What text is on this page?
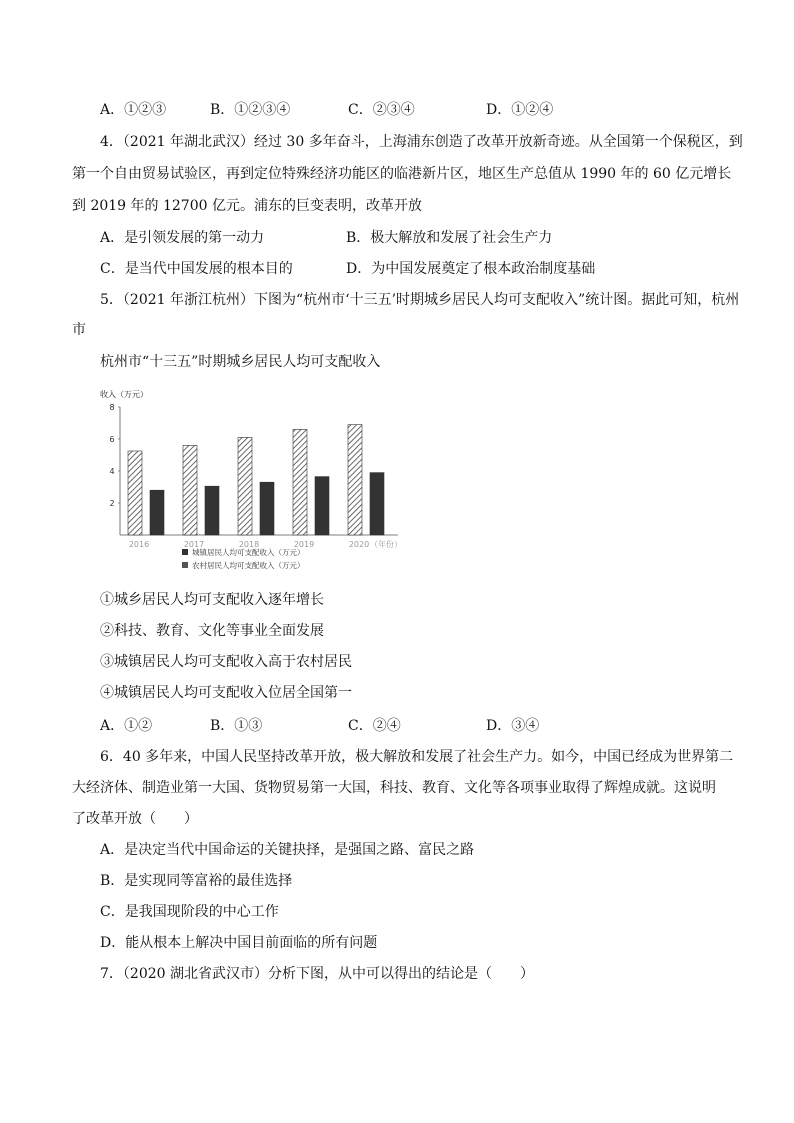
A．①②③	B．①②③④	C．②③④	D．①②④
4．（2021 年湖北武汉）经过 30 多年奋斗，上海浦东创造了改革开放新奇迹。从全国第一个保税区，到
第一个自由贸易试验区，再到定位特殊经济功能区的临港新片区，地区生产总值从 1990 年的 60 亿元增长
到 2019 年的 12700 亿元。浦东的巨变表明，改革开放
A．是引领发展的第一动力	B．极大解放和发展了社会生产力
C．是当代中国发展的根本目的	D．为中国发展奠定了根本政治制度基础
5．（2021 年浙江杭州）下图为“杭州市‘十三五’时期城乡居民人均可支配收入”统计图。据此可知，杭州
市
杭州市“十三五”时期城乡居民人均可支配收入
收入（万元）
2
4
6
8
2016	2017	2018	2019	2020 （年份）
城镇居民人均可支配收入（万元）
农村居民人均可支配收入（万元）
①城乡居民人均可支配收入逐年增长
②科技、教育、文化等事业全面发展
③城镇居民人均可支配收入高于农村居民
④城镇居民人均可支配收入位居全国第一
A．①②	B．①③	C．②④	D．③④
6．40 多年来，中国人民坚持改革开放，极大解放和发展了社会生产力。如今，中国已经成为世界第二
大经济体、制造业第一大国、货物贸易第一大国，科技、教育、文化等各项事业取得了辉煌成就。这说明
了改革开放（　　）
A．是决定当代中国命运的关键抉择，是强国之路、富民之路
B．是实现同等富裕的最佳选择
C．是我国现阶段的中心工作
D．能从根本上解决中国目前面临的所有问题
7．（2020 湖北省武汉市）分析下图，从中可以得出的结论是（　　）
